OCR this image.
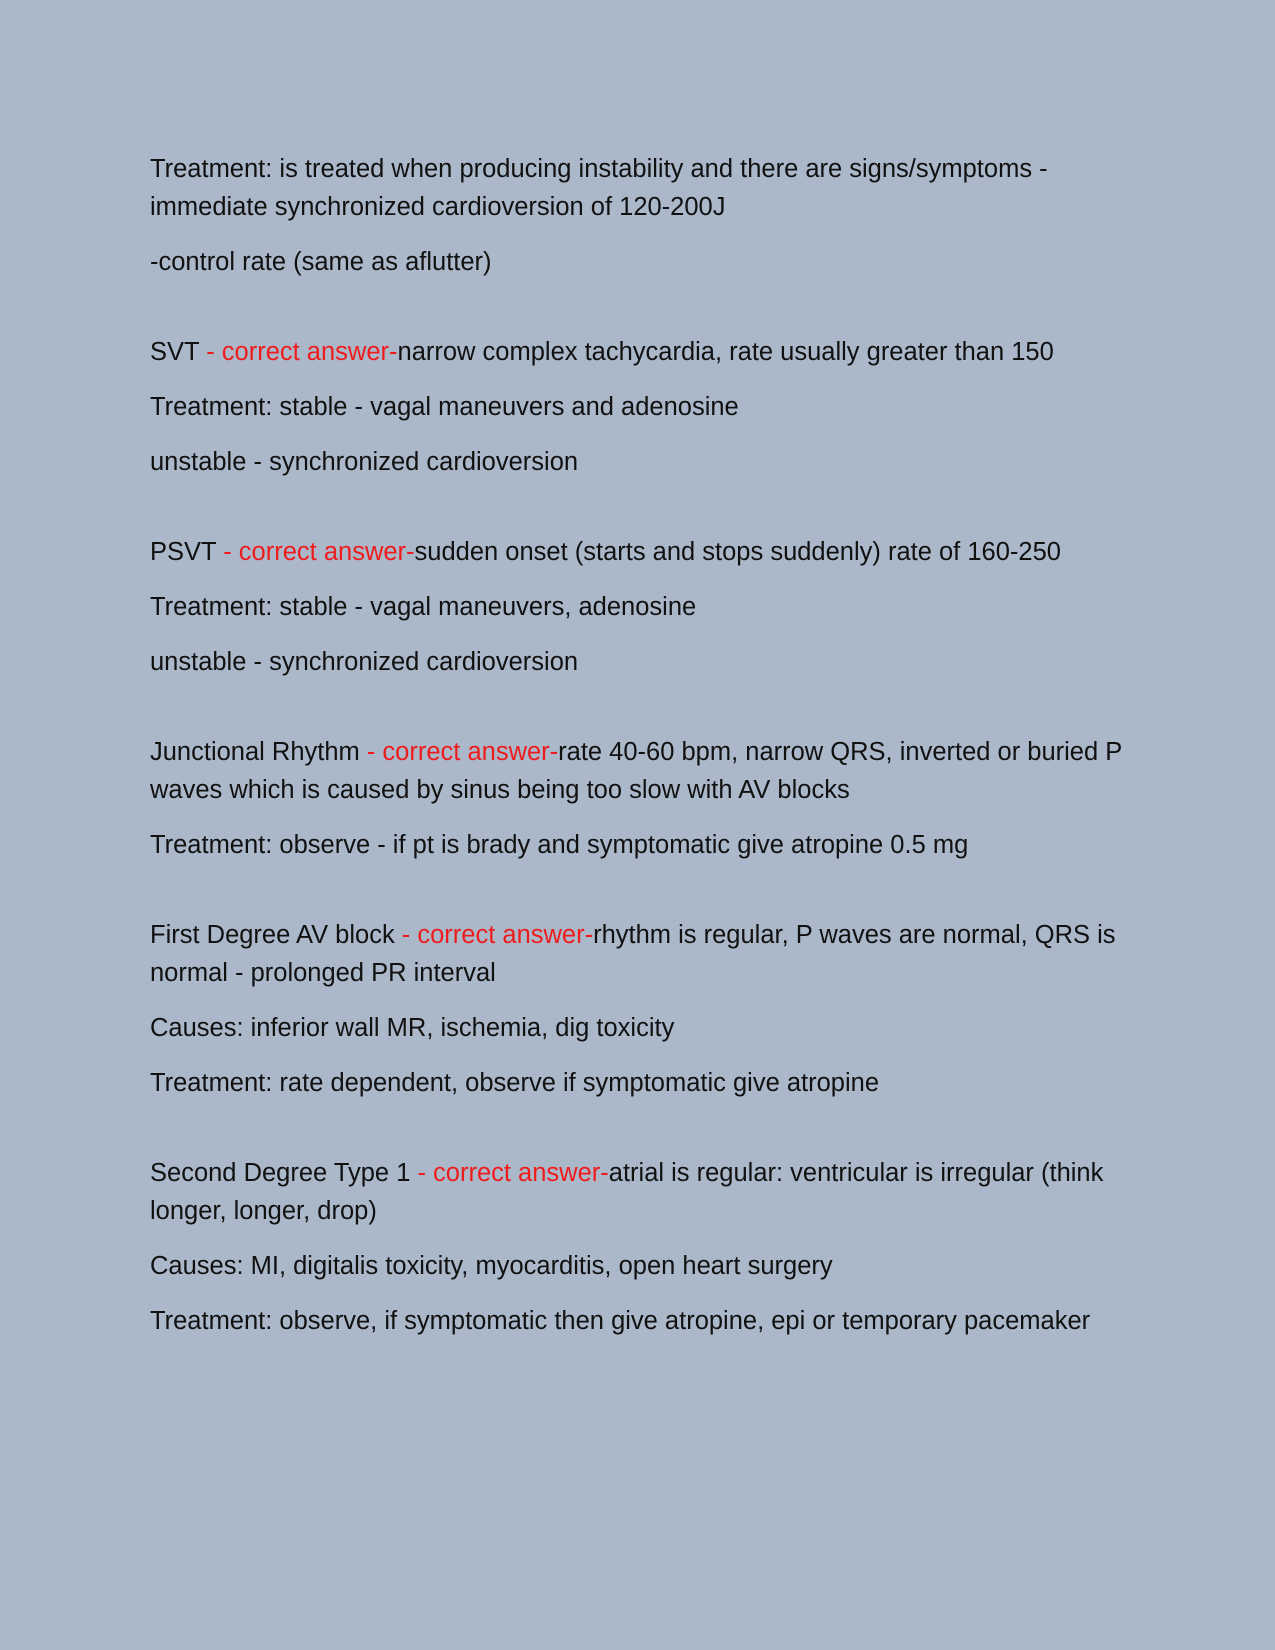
Treatment: is treated when producing instability and there are signs/symptoms - immediate synchronized cardioversion of 120-200J

-control rate (same as aflutter)

SVT - correct answer-narrow complex tachycardia, rate usually greater than 150

Treatment: stable - vagal maneuvers and adenosine

unstable - synchronized cardioversion

PSVT - correct answer-sudden onset (starts and stops suddenly) rate of 160-250

Treatment: stable - vagal maneuvers, adenosine

unstable - synchronized cardioversion

Junctional Rhythm - correct answer-rate 40-60 bpm, narrow QRS, inverted or buried P waves which is caused by sinus being too slow with AV blocks

Treatment: observe - if pt is brady and symptomatic give atropine 0.5 mg

First Degree AV block - correct answer-rhythm is regular, P waves are normal, QRS is normal - prolonged PR interval

Causes: inferior wall MR, ischemia, dig toxicity

Treatment: rate dependent, observe if symptomatic give atropine

Second Degree Type 1 - correct answer-atrial is regular: ventricular is irregular (think longer, longer, drop)

Causes: MI, digitalis toxicity, myocarditis, open heart surgery

Treatment: observe, if symptomatic then give atropine, epi or temporary pacemaker
